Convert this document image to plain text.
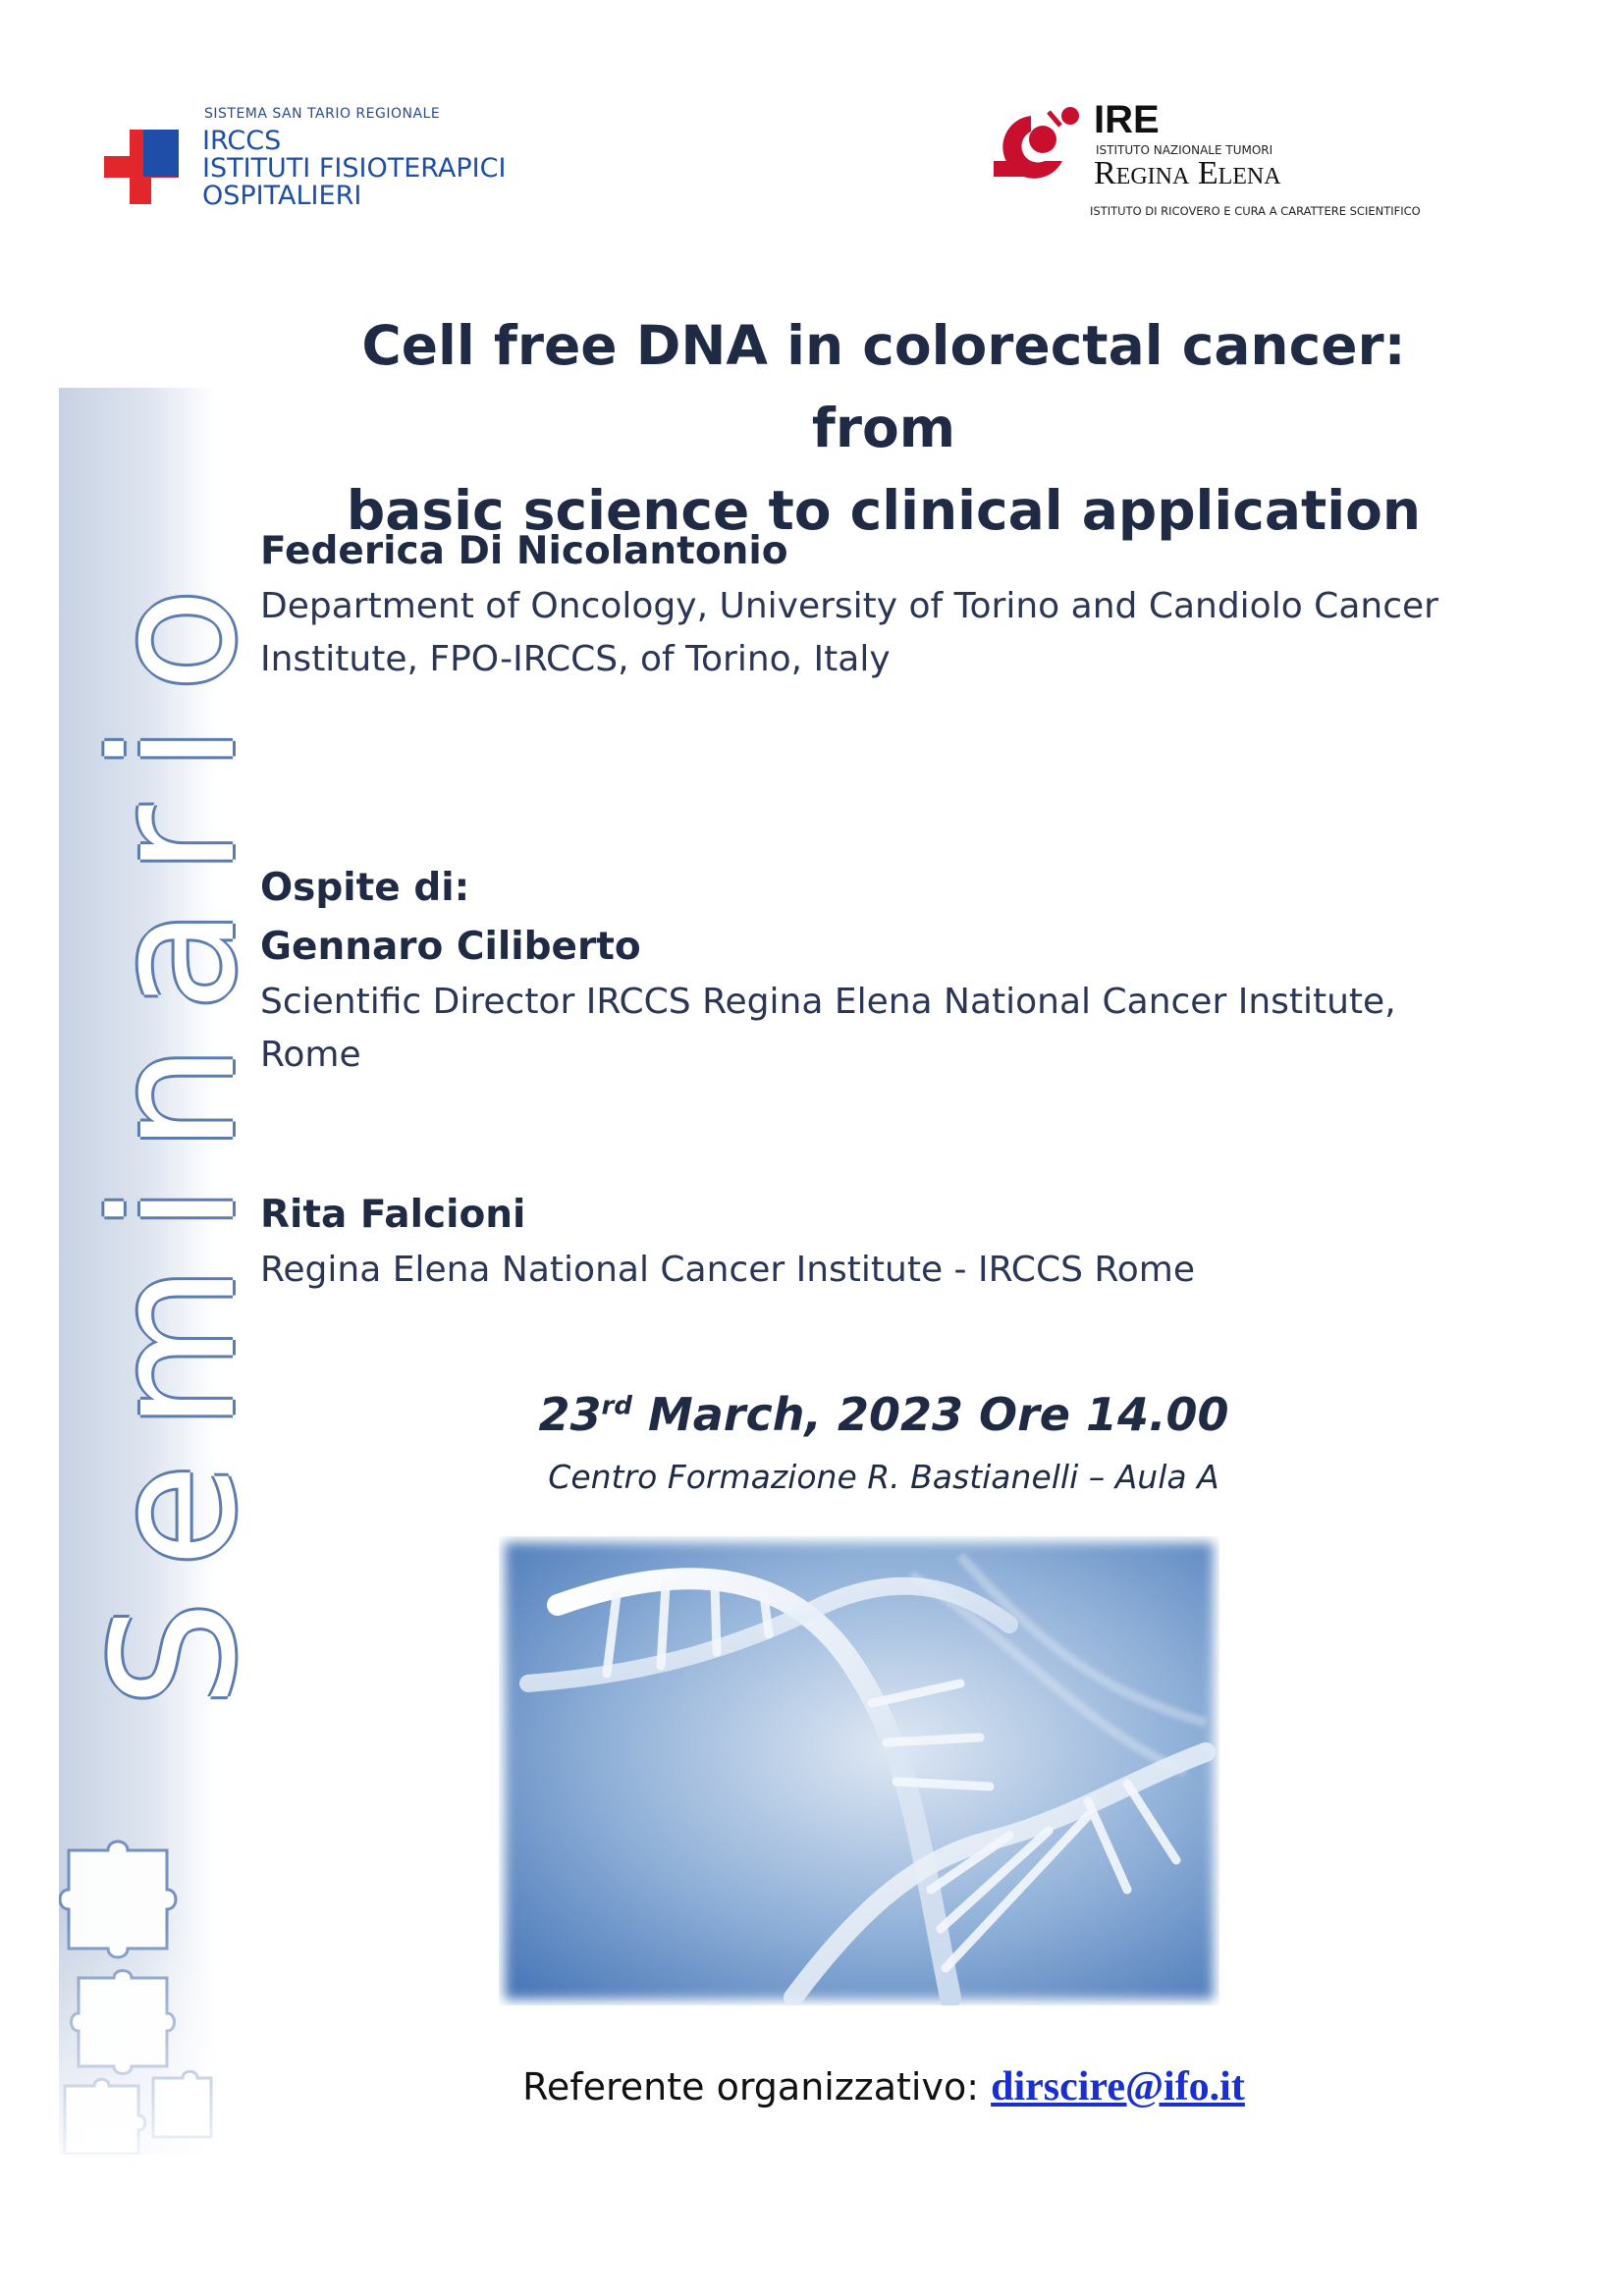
SISTEMA SAN TARIO REGIONALE
IRCCS
ISTITUTI FISIOTERAPICI
OSPITALIERI
IRE
ISTITUTO NAZIONALE TUMORI
Regina Elena
ISTITUTO DI RICOVERO E CURA A CARATTERE SCIENTIFICO
Seminario
Cell free DNA in colorectal cancer: from
basic science to clinical application

Federica Di Nicolantonio

Department of Oncology, University of Torino and Candiolo Cancer
Institute, FPO-IRCCS, of Torino, Italy

Ospite di:

Gennaro Ciliberto

Scientific Director IRCCS Regina Elena National Cancer Institute,
Rome

Rita Falcioni

Regina Elena National Cancer Institute - IRCCS Rome

23rd March, 2023 Ore 14.00
Centro Formazione R. Bastianelli – Aula A
Referente organizzativo: dirscire@ifo.it
